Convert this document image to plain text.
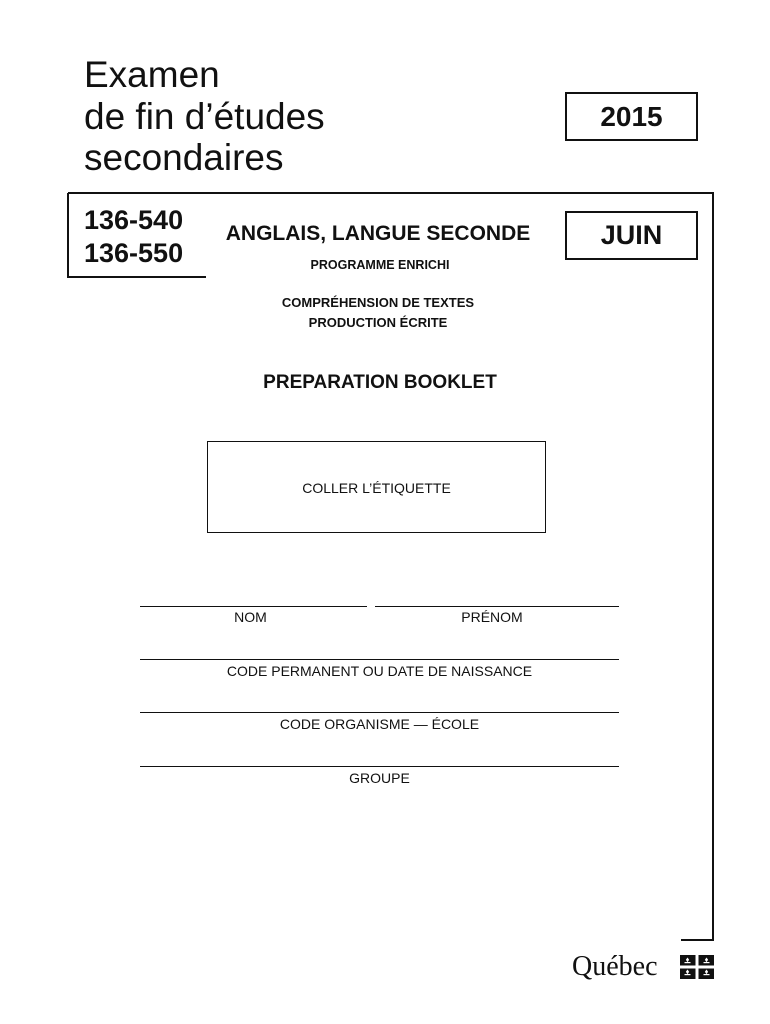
Examen
de fin d’études
secondaires
2015
136-540
136-550
ANGLAIS, LANGUE SECONDE
PROGRAMME ENRICHI
JUIN
COMPRÉHENSION DE TEXTES
PRODUCTION ÉCRITE
PREPARATION BOOKLET
COLLER L’ÉTIQUETTE
NOM	PRÉNOM
CODE PERMANENT OU DATE DE NAISSANCE
CODE ORGANISME — ÉCOLE
GROUPE
Québec
